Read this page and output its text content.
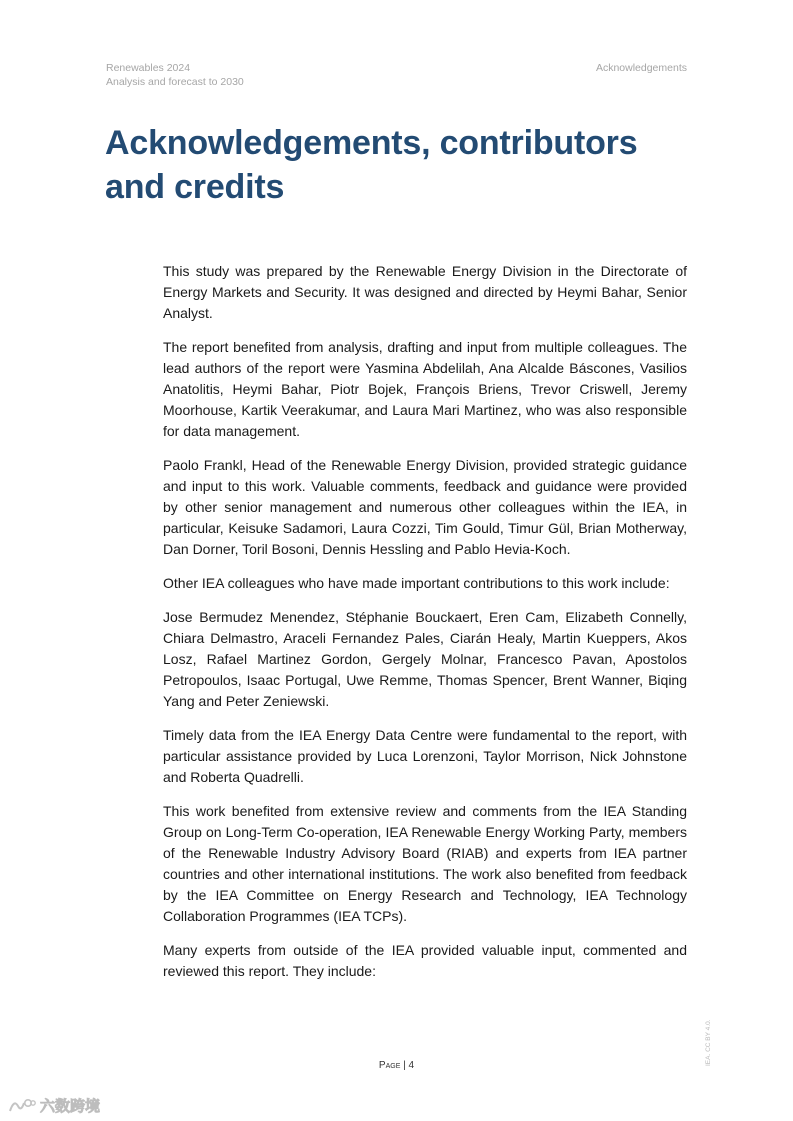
Renewables 2024
Analysis and forecast to 2030
Acknowledgements
Acknowledgements, contributors
and credits

This study was prepared by the Renewable Energy Division in the Directorate of Energy Markets and Security. It was designed and directed by Heymi Bahar, Senior Analyst.

The report benefited from analysis, drafting and input from multiple colleagues. The lead authors of the report were Yasmina Abdelilah, Ana Alcalde Báscones, Vasilios Anatolitis, Heymi Bahar, Piotr Bojek, François Briens, Trevor Criswell, Jeremy Moorhouse, Kartik Veerakumar, and Laura Mari Martinez, who was also responsible for data management.

Paolo Frankl, Head of the Renewable Energy Division, provided strategic guidance and input to this work. Valuable comments, feedback and guidance were provided by other senior management and numerous other colleagues within the IEA, in particular, Keisuke Sadamori, Laura Cozzi, Tim Gould, Timur Gül, Brian Motherway, Dan Dorner, Toril Bosoni, Dennis Hessling and Pablo Hevia-Koch.

Other IEA colleagues who have made important contributions to this work include:

Jose Bermudez Menendez, Stéphanie Bouckaert, Eren Cam, Elizabeth Connelly, Chiara Delmastro, Araceli Fernandez Pales, Ciarán Healy, Martin Kueppers, Akos Losz, Rafael Martinez Gordon, Gergely Molnar, Francesco Pavan, Apostolos Petropoulos, Isaac Portugal, Uwe Remme, Thomas Spencer, Brent Wanner, Biqing Yang and Peter Zeniewski.

Timely data from the IEA Energy Data Centre were fundamental to the report, with particular assistance provided by Luca Lorenzoni, Taylor Morrison, Nick Johnstone and Roberta Quadrelli.

This work benefited from extensive review and comments from the IEA Standing Group on Long-Term Co-operation, IEA Renewable Energy Working Party, members of the Renewable Industry Advisory Board (RIAB) and experts from IEA partner countries and other international institutions. The work also benefited from feedback by the IEA Committee on Energy Research and Technology, IEA Technology Collaboration Programmes (IEA TCPs).

Many experts from outside of the IEA provided valuable input, commented and reviewed this report. They include:

Page | 4	IEA. CC BY 4.0.
六数跨境
